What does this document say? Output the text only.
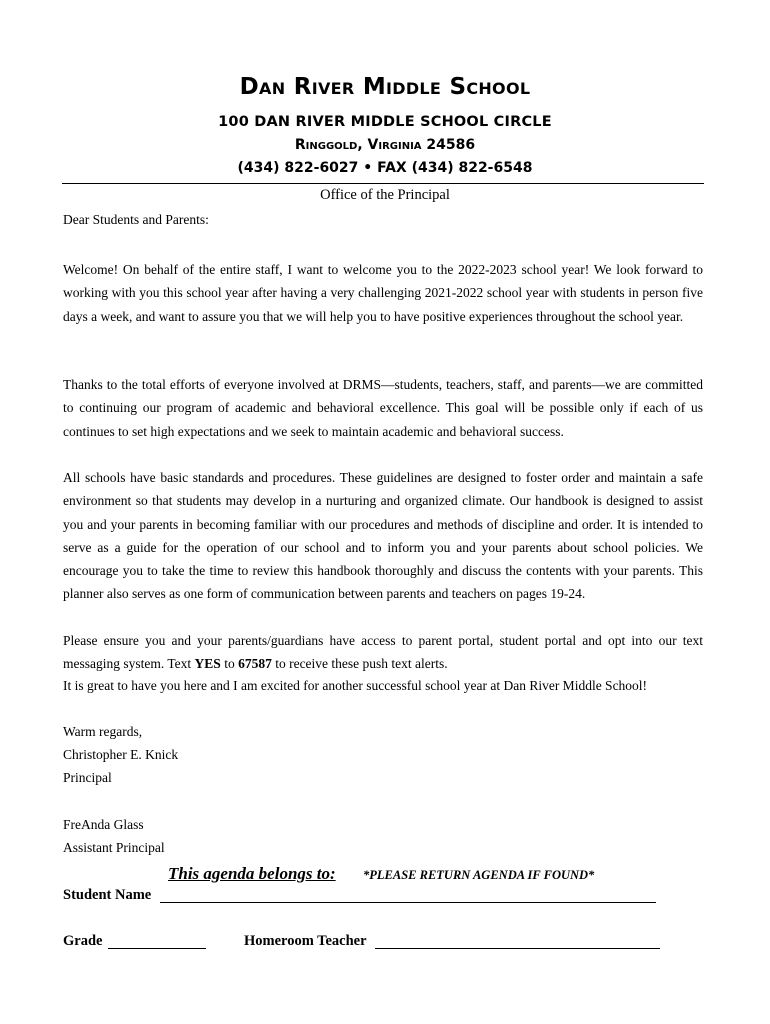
Dan River Middle School
100 DAN RIVER MIDDLE SCHOOL CIRCLE
Ringgold, Virginia 24586
(434) 822-6027 • FAX (434) 822-6548
Office of the Principal
Dear Students and Parents:
Welcome! On behalf of the entire staff, I want to welcome you to the 2022-2023 school year! We look forward to working with you this school year after having a very challenging 2021-2022 school year with students in person five days a week, and want to assure you that we will help you to have positive experiences throughout the school year.
Thanks to the total efforts of everyone involved at DRMS—students, teachers, staff, and parents—we are committed to continuing our program of academic and behavioral excellence. This goal will be possible only if each of us continues to set high expectations and we seek to maintain academic and behavioral success.
All schools have basic standards and procedures. These guidelines are designed to foster order and maintain a safe environment so that students may develop in a nurturing and organized climate. Our handbook is designed to assist you and your parents in becoming familiar with our procedures and methods of discipline and order. It is intended to serve as a guide for the operation of our school and to inform you and your parents about school policies. We encourage you to take the time to review this handbook thoroughly and discuss the contents with your parents. This planner also serves as one form of communication between parents and teachers on pages 19-24.
Please ensure you and your parents/guardians have access to parent portal, student portal and opt into our text messaging system. Text YES to 67587 to receive these push text alerts.
It is great to have you here and I am excited for another successful school year at Dan River Middle School!
Warm regards,
Christopher E. Knick
Principal
FreAnda Glass
Assistant Principal
This agenda belongs to: *PLEASE RETURN AGENDA IF FOUND*
Student Name
Grade	Homeroom Teacher
